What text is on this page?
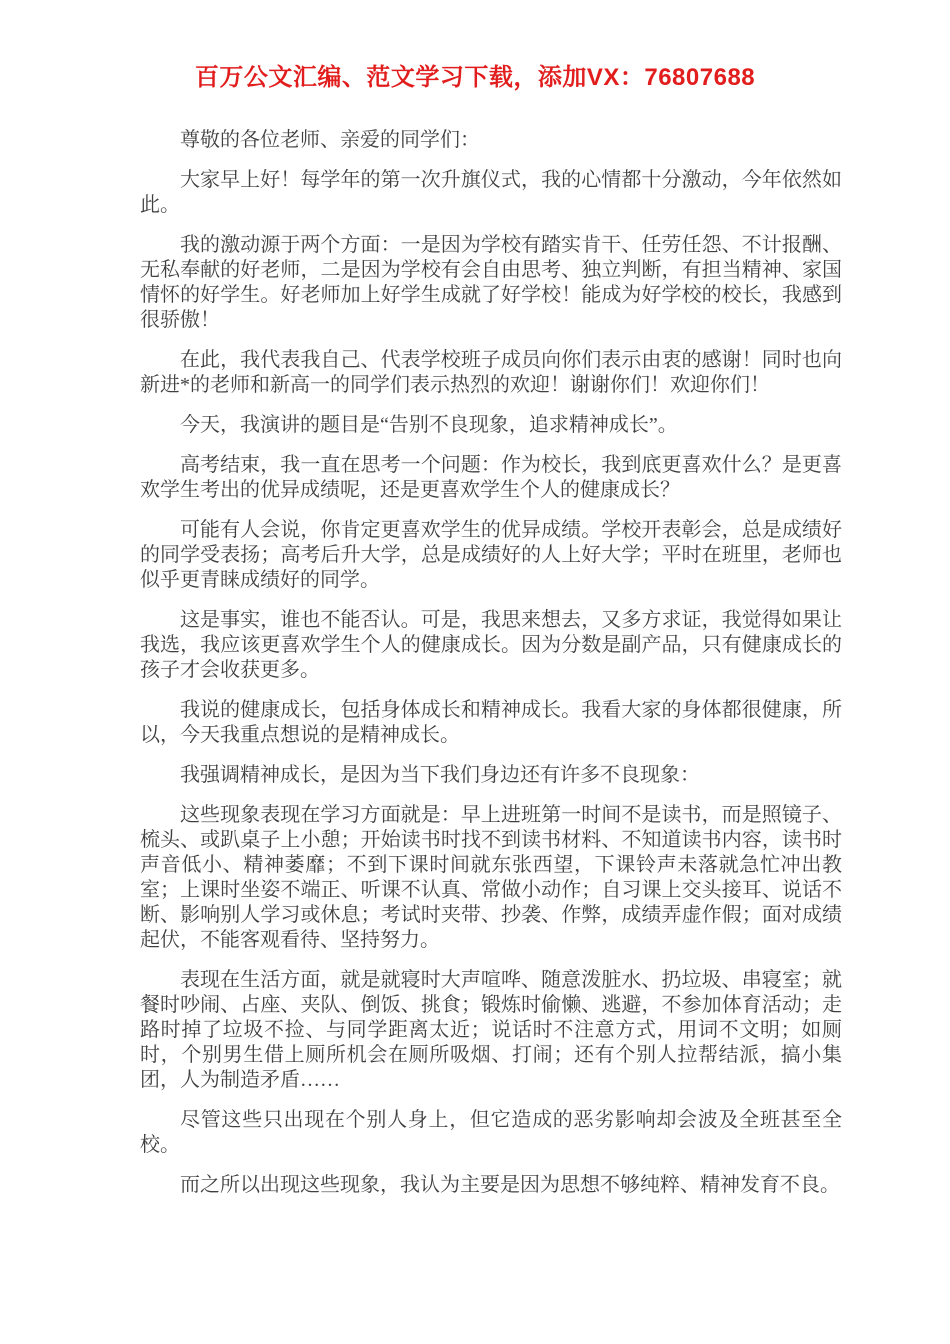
百万公文汇编、范文学习下载，添加VX：76807688

尊敬的各位老师、亲爱的同学们：

大家早上好！每学年的第一次升旗仪式，我的心情都十分激动，今年依然如此。

我的激动源于两个方面：一是因为学校有踏实肯干、任劳任怨、不计报酬、无私奉献的好老师，二是因为学校有会自由思考、独立判断，有担当精神、家国情怀的好学生。好老师加上好学生成就了好学校！能成为好学校的校长，我感到很骄傲！

在此，我代表我自己、代表学校班子成员向你们表示由衷的感谢！同时也向新进*的老师和新高一的同学们表示热烈的欢迎！谢谢你们！欢迎你们！

今天，我演讲的题目是“告别不良现象，追求精神成长”。

高考结束，我一直在思考一个问题：作为校长，我到底更喜欢什么？是更喜欢学生考出的优异成绩呢，还是更喜欢学生个人的健康成长？

可能有人会说，你肯定更喜欢学生的优异成绩。学校开表彰会，总是成绩好的同学受表扬；高考后升大学，总是成绩好的人上好大学；平时在班里，老师也似乎更青睐成绩好的同学。

这是事实，谁也不能否认。可是，我思来想去，又多方求证，我觉得如果让我选，我应该更喜欢学生个人的健康成长。因为分数是副产品，只有健康成长的孩子才会收获更多。

我说的健康成长，包括身体成长和精神成长。我看大家的身体都很健康，所以，今天我重点想说的是精神成长。

我强调精神成长，是因为当下我们身边还有许多不良现象：

这些现象表现在学习方面就是：早上进班第一时间不是读书，而是照镜子、梳头、或趴桌子上小憩；开始读书时找不到读书材料、不知道读书内容，读书时声音低小、精神萎靡；不到下课时间就东张西望，下课铃声未落就急忙冲出教室；上课时坐姿不端正、听课不认真、常做小动作；自习课上交头接耳、说话不断、影响别人学习或休息；考试时夹带、抄袭、作弊，成绩弄虚作假；面对成绩起伏，不能客观看待、坚持努力。

表现在生活方面，就是就寝时大声喧哗、随意泼脏水、扔垃圾、串寝室；就餐时吵闹、占座、夹队、倒饭、挑食；锻炼时偷懒、逃避，不参加体育活动；走路时掉了垃圾不捡、与同学距离太近；说话时不注意方式，用词不文明；如厕时，个别男生借上厕所机会在厕所吸烟、打闹；还有个别人拉帮结派，搞小集团，人为制造矛盾……

尽管这些只出现在个别人身上，但它造成的恶劣影响却会波及全班甚至全校。

而之所以出现这些现象，我认为主要是因为思想不够纯粹、精神发育不良。
